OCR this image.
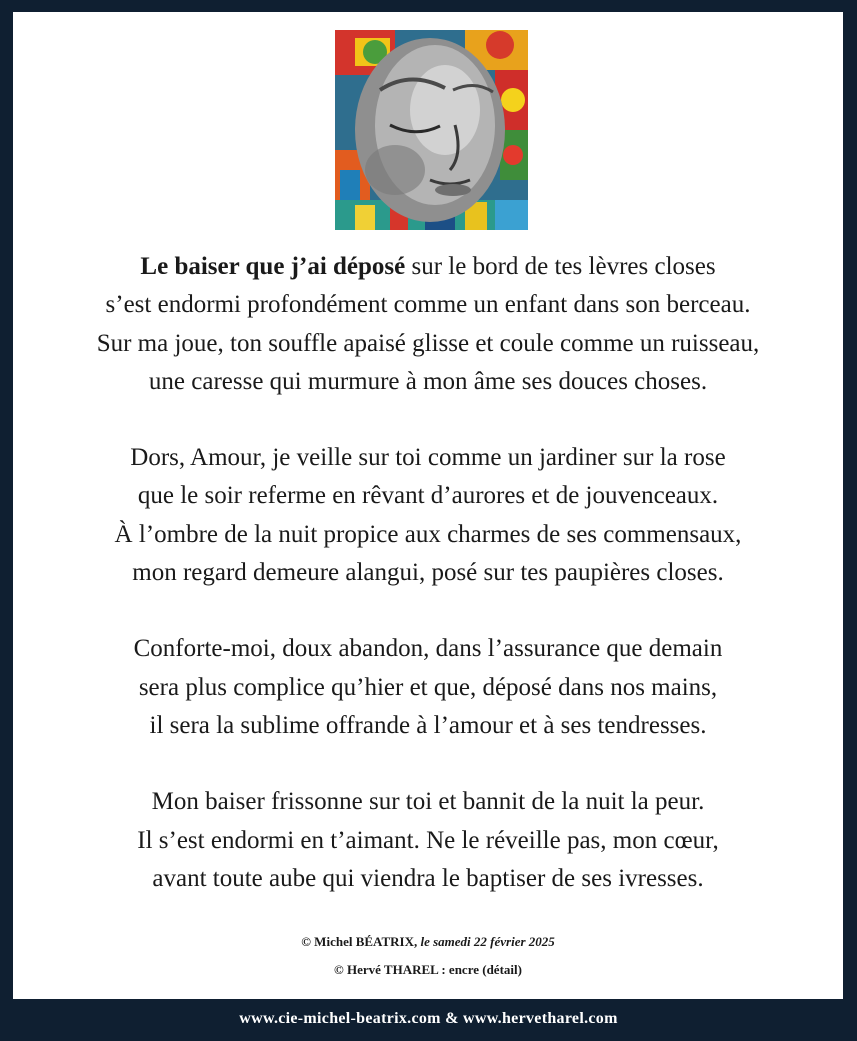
Le baiser que j’ai déposé sur le bord de tes lèvres closes
s’est endormi profondément comme un enfant dans son berceau.
Sur ma joue, ton souffle apaisé glisse et coule comme un ruisseau,
une caresse qui murmure à mon âme ses douces choses.
Dors, Amour, je veille sur toi comme un jardiner sur la rose
que le soir referme en rêvant d’aurores et de jouvenceaux.
À l’ombre de la nuit propice aux charmes de ses commensaux,
mon regard demeure alangui, posé sur tes paupières closes.
Conforte-moi, doux abandon, dans l’assurance que demain
sera plus complice qu’hier et que, déposé dans nos mains,
il sera la sublime offrande à l’amour et à ses tendresses.
Mon baiser frissonne sur toi et bannit de la nuit la peur.
Il s’est endormi en t’aimant. Ne le réveille pas, mon cœur,
avant toute aube qui viendra le baptiser de ses ivresses.
© Michel BÉATRIX, le samedi 22 février 2025
© Hervé THAREL : encre (détail)
www.cie-michel-beatrix.com & www.hervetharel.com
